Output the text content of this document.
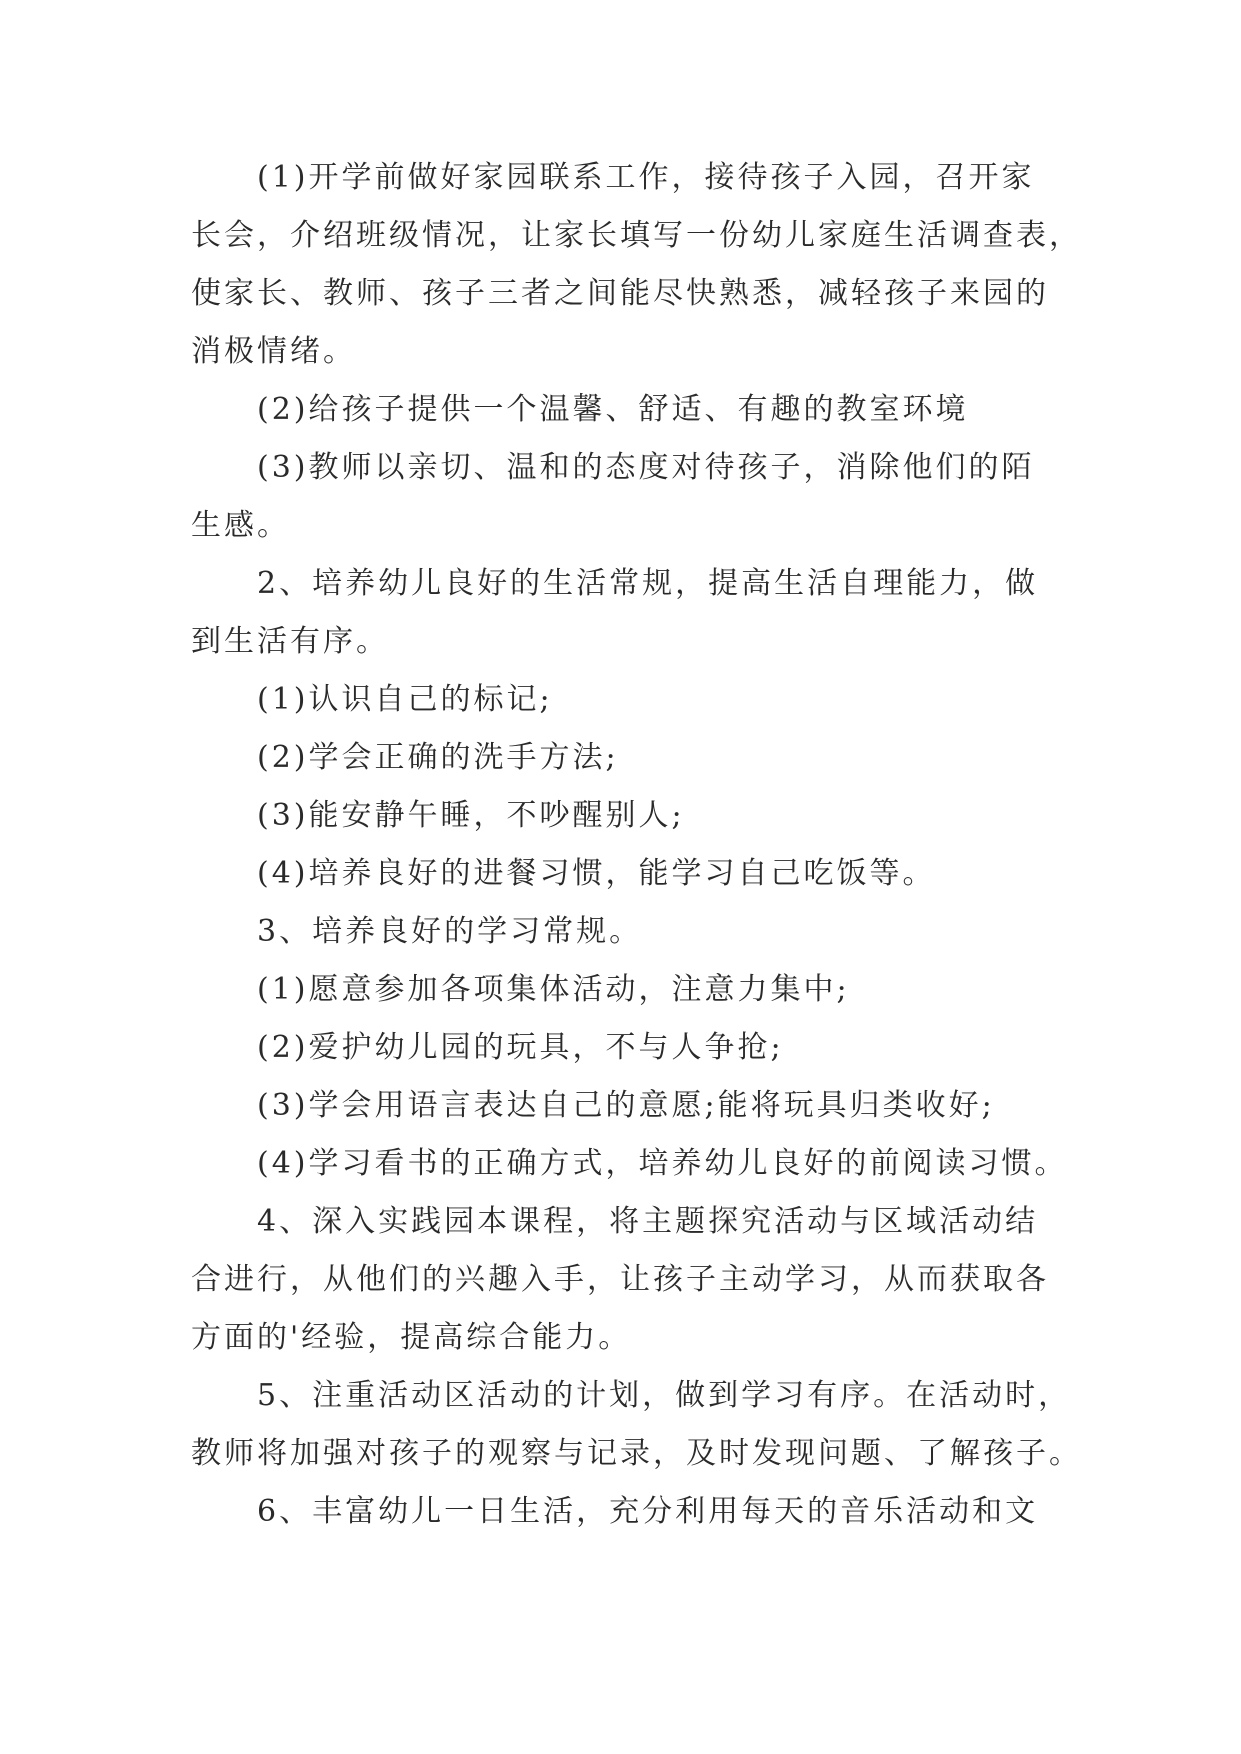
(1)开学前做好家园联系工作，接待孩子入园，召开家
长会，介绍班级情况，让家长填写一份幼儿家庭生活调查表，
使家长、教师、孩子三者之间能尽快熟悉，减轻孩子来园的
消极情绪。
(2)给孩子提供一个温馨、舒适、有趣的教室环境
(3)教师以亲切、温和的态度对待孩子，消除他们的陌
生感。
2、培养幼儿良好的生活常规，提高生活自理能力，做
到生活有序。
(1)认识自己的标记;
(2)学会正确的洗手方法;
(3)能安静午睡，不吵醒别人;
(4)培养良好的进餐习惯，能学习自己吃饭等。
3、培养良好的学习常规。
(1)愿意参加各项集体活动，注意力集中;
(2)爱护幼儿园的玩具，不与人争抢;
(3)学会用语言表达自己的意愿;能将玩具归类收好;
(4)学习看书的正确方式，培养幼儿良好的前阅读习惯。
4、深入实践园本课程，将主题探究活动与区域活动结
合进行，从他们的兴趣入手，让孩子主动学习，从而获取各
方面的'经验，提高综合能力。
5、注重活动区活动的计划，做到学习有序。在活动时，
教师将加强对孩子的观察与记录，及时发现问题、了解孩子。
6、丰富幼儿一日生活，充分利用每天的音乐活动和文
